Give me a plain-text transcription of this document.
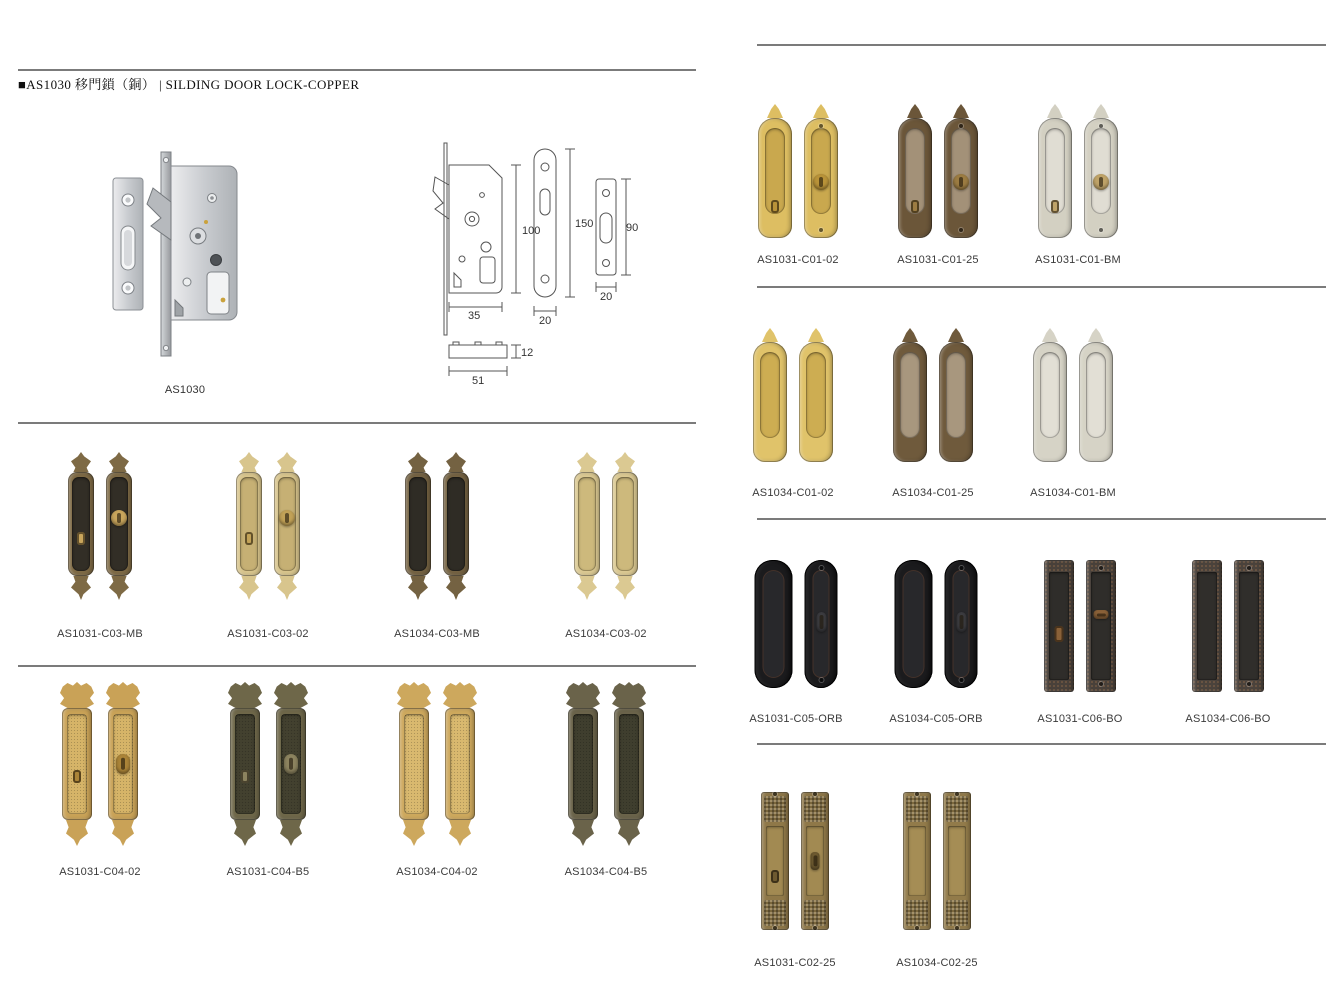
■AS1030 移門鎖（銅） | SILDING DOOR LOCK-COPPER
AS1030
100
35
150
20
90
20
51
12
AS1031-C03-MB	AS1031-C03-02	AS1034-C03-MB	AS1034-C03-02
AS1031-C04-02	AS1031-C04-B5	AS1034-C04-02	AS1034-C04-B5
AS1031-C01-02	AS1031-C01-25	AS1031-C01-BM
AS1034-C01-02	AS1034-C01-25	AS1034-C01-BM
AS1031-C05-ORB	AS1034-C05-ORB	AS1031-C06-BO	AS1034-C06-BO
AS1031-C02-25	AS1034-C02-25
